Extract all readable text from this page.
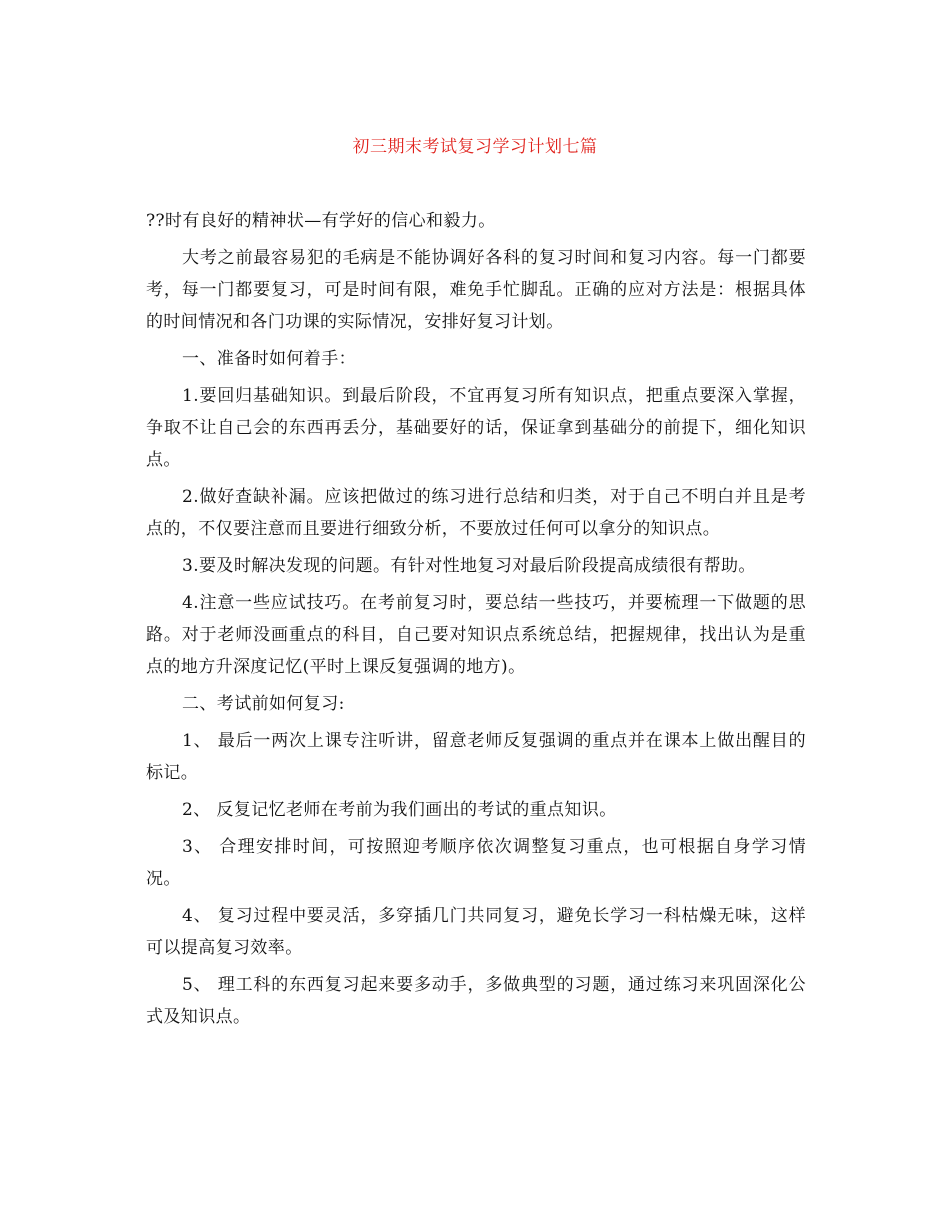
初三期末考试复习学习计划七篇

??时有良好的精神状—有学好的信心和毅力。

大考之前最容易犯的毛病是不能协调好各科的复习时间和复习内容。每一门都要考，每一门都要复习，可是时间有限，难免手忙脚乱。正确的应对方法是：根据具体的时间情况和各门功课的实际情况，安排好复习计划。

一、准备时如何着手：

1.要回归基础知识。到最后阶段，不宜再复习所有知识点，把重点要深入掌握，争取不让自己会的东西再丢分，基础要好的话，保证拿到基础分的前提下，细化知识点。

2.做好查缺补漏。应该把做过的练习进行总结和归类，对于自己不明白并且是考点的，不仅要注意而且要进行细致分析，不要放过任何可以拿分的知识点。

3.要及时解决发现的问题。有针对性地复习对最后阶段提高成绩很有帮助。

4.注意一些应试技巧。在考前复习时，要总结一些技巧，并要梳理一下做题的思路。对于老师没画重点的科目，自己要对知识点系统总结，把握规律，找出认为是重点的地方升深度记忆(平时上课反复强调的地方)。

二、考试前如何复习:

1、 最后一两次上课专注听讲，留意老师反复强调的重点并在课本上做出醒目的标记。

2、 反复记忆老师在考前为我们画出的考试的重点知识。

3、 合理安排时间，可按照迎考顺序依次调整复习重点，也可根据自身学习情况。

4、 复习过程中要灵活，多穿插几门共同复习，避免长学习一科枯燥无味，这样可以提高复习效率。

5、 理工科的东西复习起来要多动手，多做典型的习题，通过练习来巩固深化公式及知识点。
